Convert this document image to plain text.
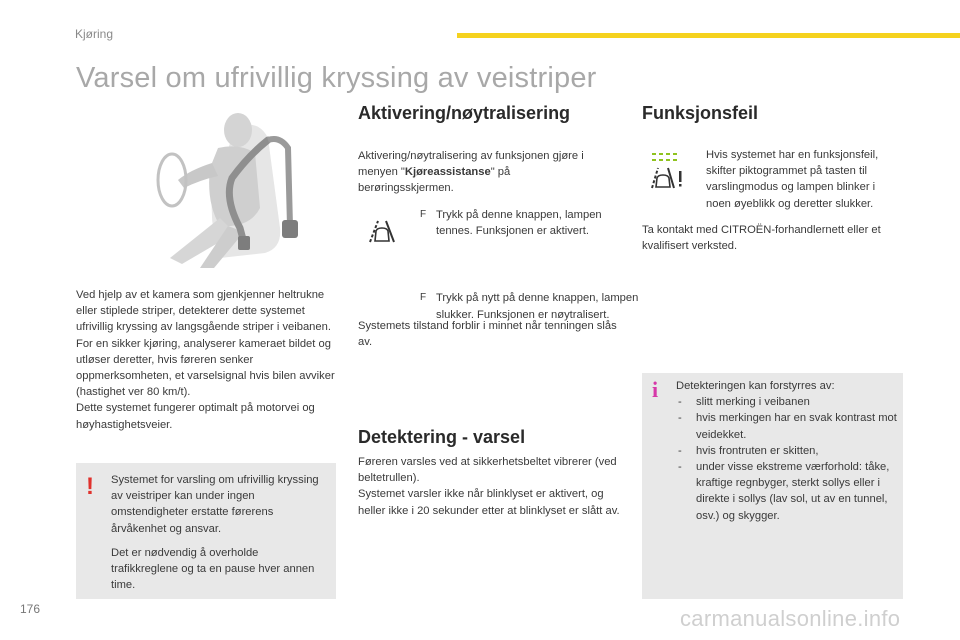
Kjøring
Varsel om ufrivillig kryssing av veistriper

Ved hjelp av et kamera som gjenkjenner heltrukne eller stiplede striper, detekterer dette systemet ufrivillig kryssing av langsgående striper i veibanen.

For en sikker kjøring, analyserer kameraet bildet og utløser deretter, hvis føreren senker oppmerksomheten, et varselsignal hvis bilen avviker (hastighet ver 80 km/t).

Dette systemet fungerer optimalt på motorvei og høyhastighetsveier.

! Systemet for varsling om ufrivillig kryssing av veistriper kan under ingen omstendigheter erstatte førerens årvåkenhet og ansvar.

Det er nødvendig å overholde trafikkreglene og ta en pause hver annen time.

Aktivering/nøytralisering

Aktivering/nøytralisering av funksjonen gjøre i menyen "Kjøreassistanse" på berøringsskjermen.

F Trykk på denne knappen, lampen tennes. Funksjonen er aktivert.
F Trykk på nytt på denne knappen, lampen slukker. Funksjonen er nøytralisert.

Systemets tilstand forblir i minnet når tenningen slås av.

Detektering - varsel

Føreren varsles ved at sikkerhetsbeltet vibrerer (ved beltetrullen).

Systemet varsler ikke når blinklyset er aktivert, og heller ikke i 20 sekunder etter at blinklyset er slått av.

Funksjonsfeil

Hvis systemet har en funksjonsfeil, skifter piktogrammet på tasten til varslingmodus og lampen blinker i noen øyeblikk og deretter slukker.

Ta kontakt med CITROËN-forhandlernett eller et kvalifisert verksted.

i Detekteringen kan forstyrres av:

- slitt merking i veibanen
- hvis merkingen har en svak kontrast mot veidekket.
- hvis frontruten er skitten,
- under visse ekstreme værforhold: tåke, kraftige regnbyger, sterkt sollys eller i direkte i sollys (lav sol, ut av en tunnel, osv.) og skygger.
176	carmanualsonline.info
